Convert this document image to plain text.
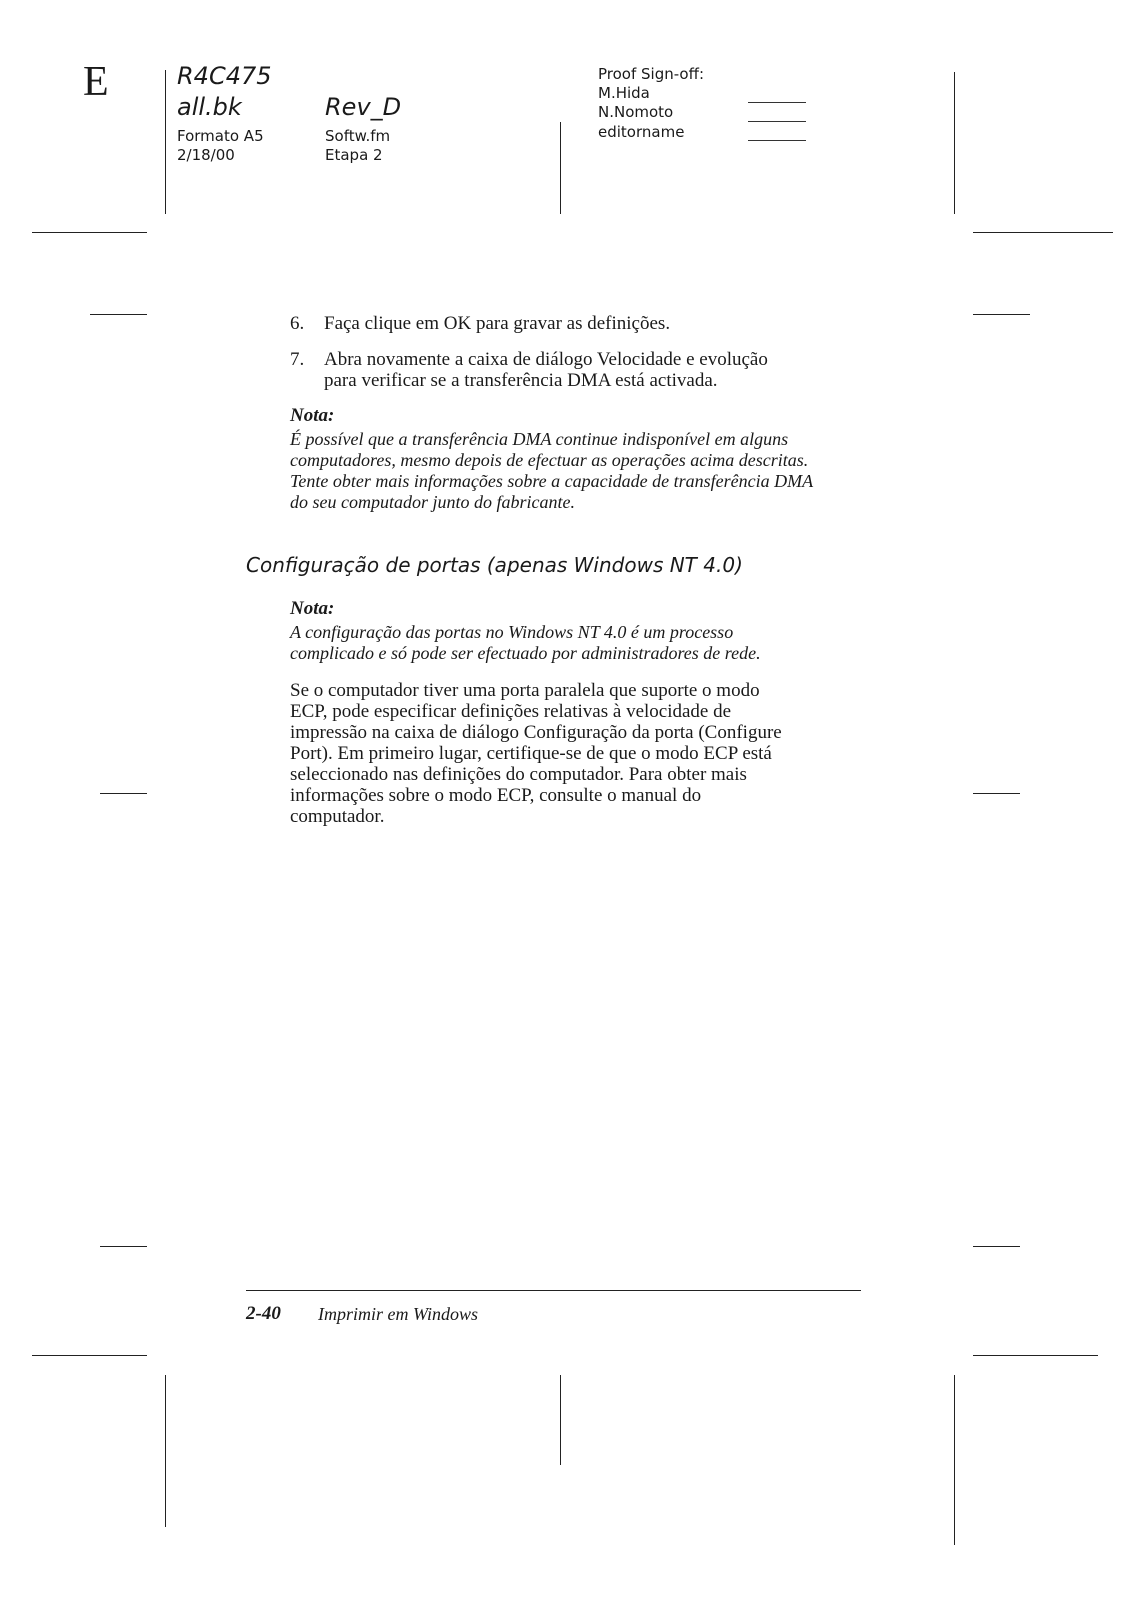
E	R4C475
all.bk	Rev_D
Formato A5
2/18/00
Softw.fm
Etapa 2
Proof Sign-off:
M.Hida
N.Nomoto
editorname
6. Faça clique em OK para gravar as definições.
7. Abra novamente a caixa de diálogo Velocidade e evolução
para verificar se a transferência DMA está activada.
Nota:
É possível que a transferência DMA continue indisponível em alguns
computadores, mesmo depois de efectuar as operações acima descritas.
Tente obter mais informações sobre a capacidade de transferência DMA
do seu computador junto do fabricante.
Configuração de portas (apenas Windows NT 4.0)
Nota:
A configuração das portas no Windows NT 4.0 é um processo
complicado e só pode ser efectuado por administradores de rede.
Se o computador tiver uma porta paralela que suporte o modo
ECP, pode especificar definições relativas à velocidade de
impressão na caixa de diálogo Configuração da porta (Configure
Port). Em primeiro lugar, certifique-se de que o modo ECP está
seleccionado nas definições do computador. Para obter mais
informações sobre o modo ECP, consulte o manual do
computador.
2-40 Imprimir em Windows
